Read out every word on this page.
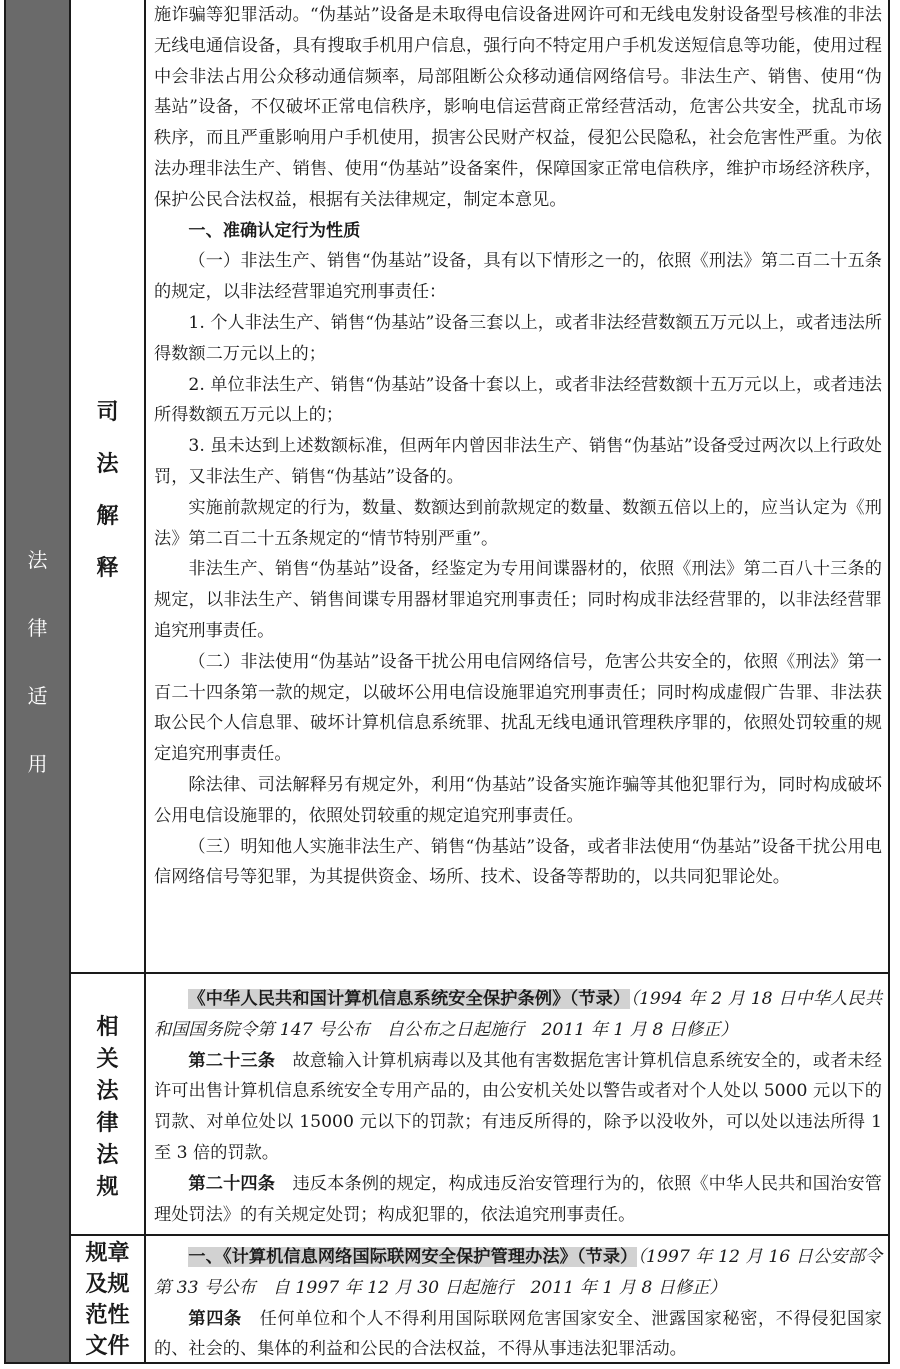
法
律
适
用
司
法
解
释
相
关
法
律
法
规
规章
及规
范性
文件

施诈骗等犯罪活动。“伪基站”设备是未取得电信设备进网许可和无线电发射设备型号核准的非法无线电通信设备，具有搜取手机用户信息，强行向不特定用户手机发送短信息等功能，使用过程中会非法占用公众移动通信频率，局部阻断公众移动通信网络信号。非法生产、销售、使用“伪基站”设备，不仅破坏正常电信秩序，影响电信运营商正常经营活动，危害公共安全，扰乱市场秩序，而且严重影响用户手机使用，损害公民财产权益，侵犯公民隐私，社会危害性严重。为依法办理非法生产、销售、使用“伪基站”设备案件，保障国家正常电信秩序，维护市场经济秩序，保护公民合法权益，根据有关法律规定，制定本意见。

一、准确认定行为性质

（一）非法生产、销售“伪基站”设备，具有以下情形之一的，依照《刑法》第二百二十五条的规定，以非法经营罪追究刑事责任：

1. 个人非法生产、销售“伪基站”设备三套以上，或者非法经营数额五万元以上，或者违法所得数额二万元以上的；

2. 单位非法生产、销售“伪基站”设备十套以上，或者非法经营数额十五万元以上，或者违法所得数额五万元以上的；

3. 虽未达到上述数额标准，但两年内曾因非法生产、销售“伪基站”设备受过两次以上行政处罚，又非法生产、销售“伪基站”设备的。

实施前款规定的行为，数量、数额达到前款规定的数量、数额五倍以上的，应当认定为《刑法》第二百二十五条规定的“情节特别严重”。

非法生产、销售“伪基站”设备，经鉴定为专用间谍器材的，依照《刑法》第二百八十三条的规定，以非法生产、销售间谍专用器材罪追究刑事责任；同时构成非法经营罪的，以非法经营罪追究刑事责任。

（二）非法使用“伪基站”设备干扰公用电信网络信号，危害公共安全的，依照《刑法》第一百二十四条第一款的规定，以破坏公用电信设施罪追究刑事责任；同时构成虚假广告罪、非法获取公民个人信息罪、破坏计算机信息系统罪、扰乱无线电通讯管理秩序罪的，依照处罚较重的规定追究刑事责任。

除法律、司法解释另有规定外，利用“伪基站”设备实施诈骗等其他犯罪行为，同时构成破坏公用电信设施罪的，依照处罚较重的规定追究刑事责任。

（三）明知他人实施非法生产、销售“伪基站”设备，或者非法使用“伪基站”设备干扰公用电信网络信号等犯罪，为其提供资金、场所、技术、设备等帮助的，以共同犯罪论处。

《中华人民共和国计算机信息系统安全保护条例》（节录）（1994 年 2 月 18 日中华人民共和国国务院令第 147 号公布　自公布之日起施行　2011 年 1 月 8 日修正）

第二十三条　 故意输入计算机病毒以及其他有害数据危害计算机信息系统安全的，或者未经许可出售计算机信息系统安全专用产品的，由公安机关处以警告或者对个人处以 5000 元以下的罚款、对单位处以 15000 元以下的罚款；有违反所得的，除予以没收外，可以处以违法所得 1 至 3 倍的罚款。

第二十四条　 违反本条例的规定，构成违反治安管理行为的，依照《中华人民共和国治安管理处罚法》的有关规定处罚；构成犯罪的，依法追究刑事责任。

一、《计算机信息网络国际联网安全保护管理办法》（节录）（1997 年 12 月 16 日公安部令第 33 号公布　自 1997 年 12 月 30 日起施行　2011 年 1 月 8 日修正）

第四条　 任何单位和个人不得利用国际联网危害国家安全、泄露国家秘密，不得侵犯国家的、社会的、集体的利益和公民的合法权益，不得从事违法犯罪活动。
